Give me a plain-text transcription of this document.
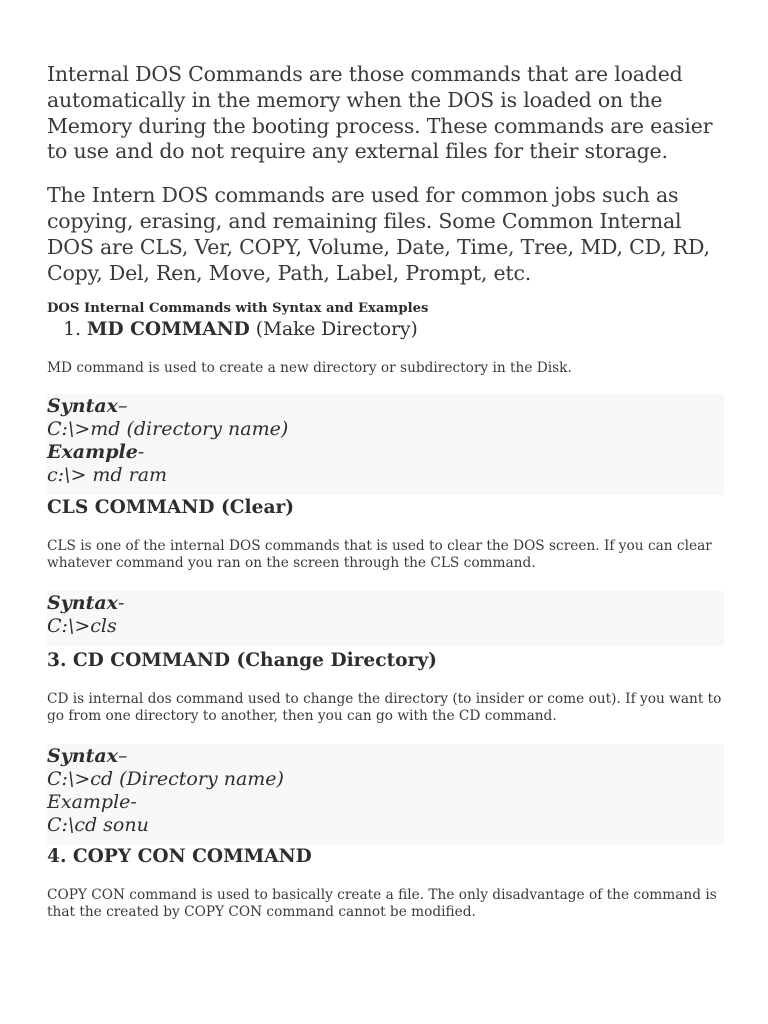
Internal DOS Commands are those commands that are loaded automatically in the memory when the DOS is loaded on the Memory during the booting process. These commands are easier to use and do not require any external files for their storage.

The Intern DOS commands are used for common jobs such as copying, erasing, and remaining files. Some Common Internal DOS are CLS, Ver, COPY, Volume, Date, Time, Tree, MD, CD, RD, Copy, Del, Ren, Move, Path, Label, Prompt, etc.

DOS Internal Commands with Syntax and Examples

1. MD COMMAND (Make Directory)

MD command is used to create a new directory or subdirectory in the Disk.

Syntax–
C:\>md (directory name)
Example-
c:\> md ram

CLS COMMAND (Clear)

CLS is one of the internal DOS commands that is used to clear the DOS screen. If you can clear whatever command you ran on the screen through the CLS command.

Syntax-
C:\>cls

3. CD COMMAND (Change Directory)

CD is internal dos command used to change the directory (to insider or come out). If you want to go from one directory to another, then you can go with the CD command.

Syntax–
C:\>cd (Directory name)
Example-
C:\cd sonu

4. COPY CON COMMAND

COPY CON command is used to basically create a file. The only disadvantage of the command is that the created by COPY CON command cannot be modified.
